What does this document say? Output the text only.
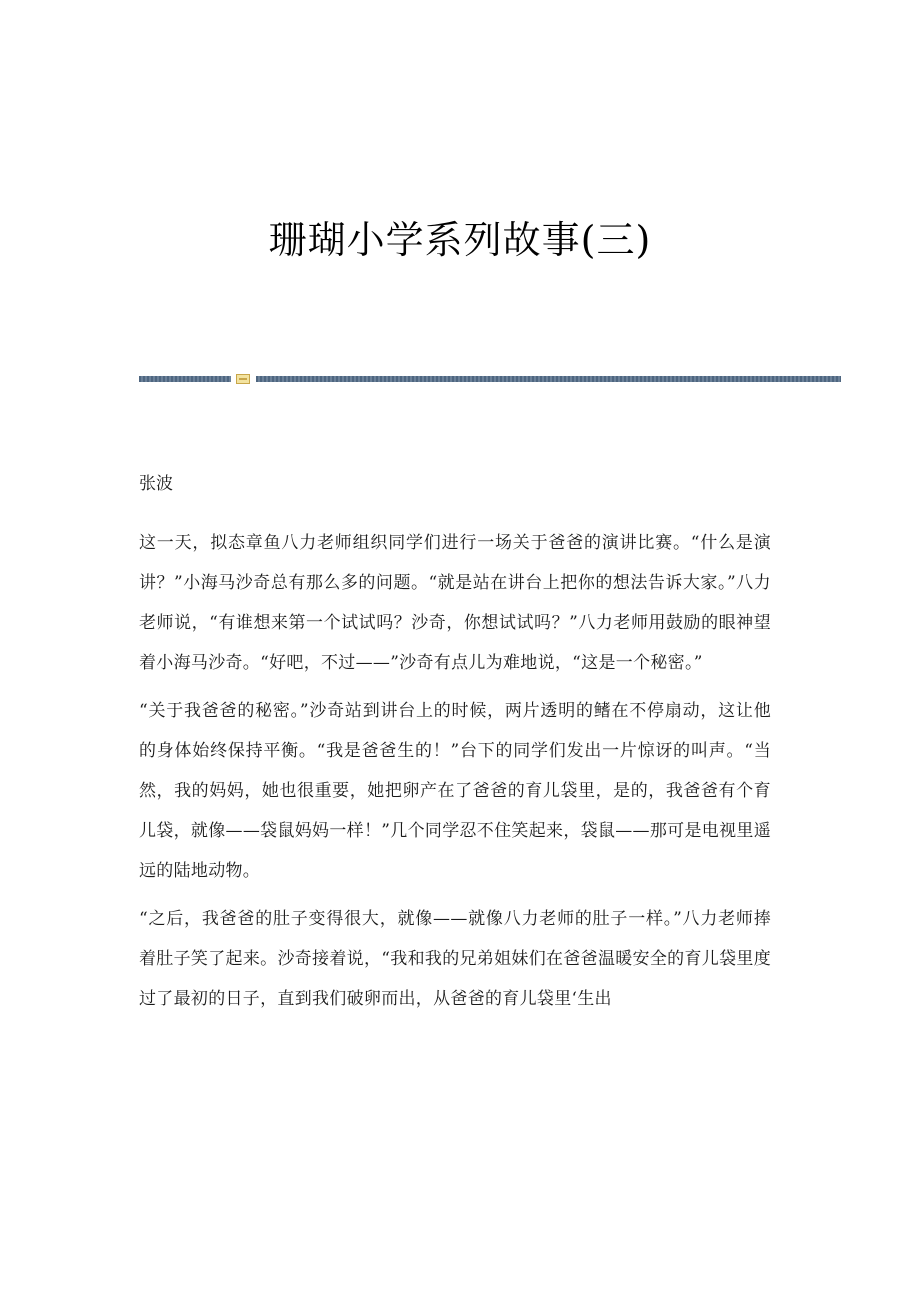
珊瑚小学系列故事(三)
张波

这一天，拟态章鱼八力老师组织同学们进行一场关于爸爸的演讲比赛。“什么是演讲？”小海马沙奇总有那么多的问题。“就是站在讲台上把你的想法告诉大家。”八力老师说，“有谁想来第一个试试吗？沙奇，你想试试吗？”八力老师用鼓励的眼神望着小海马沙奇。“好吧，不过——”沙奇有点儿为难地说，“这是一个秘密。”

“关于我爸爸的秘密。”沙奇站到讲台上的时候，两片透明的鳍在不停扇动，这让他的身体始终保持平衡。“我是爸爸生的！”台下的同学们发出一片惊讶的叫声。“当然，我的妈妈，她也很重要，她把卵产在了爸爸的育儿袋里，是的，我爸爸有个育儿袋，就像——袋鼠妈妈一样！”几个同学忍不住笑起来，袋鼠——那可是电视里遥远的陆地动物。

“之后，我爸爸的肚子变得很大，就像——就像八力老师的肚子一样。”八力老师捧着肚子笑了起来。沙奇接着说，“我和我的兄弟姐妹们在爸爸温暖安全的育儿袋里度过了最初的日子，直到我们破卵而出，从爸爸的育儿袋里‘生出
